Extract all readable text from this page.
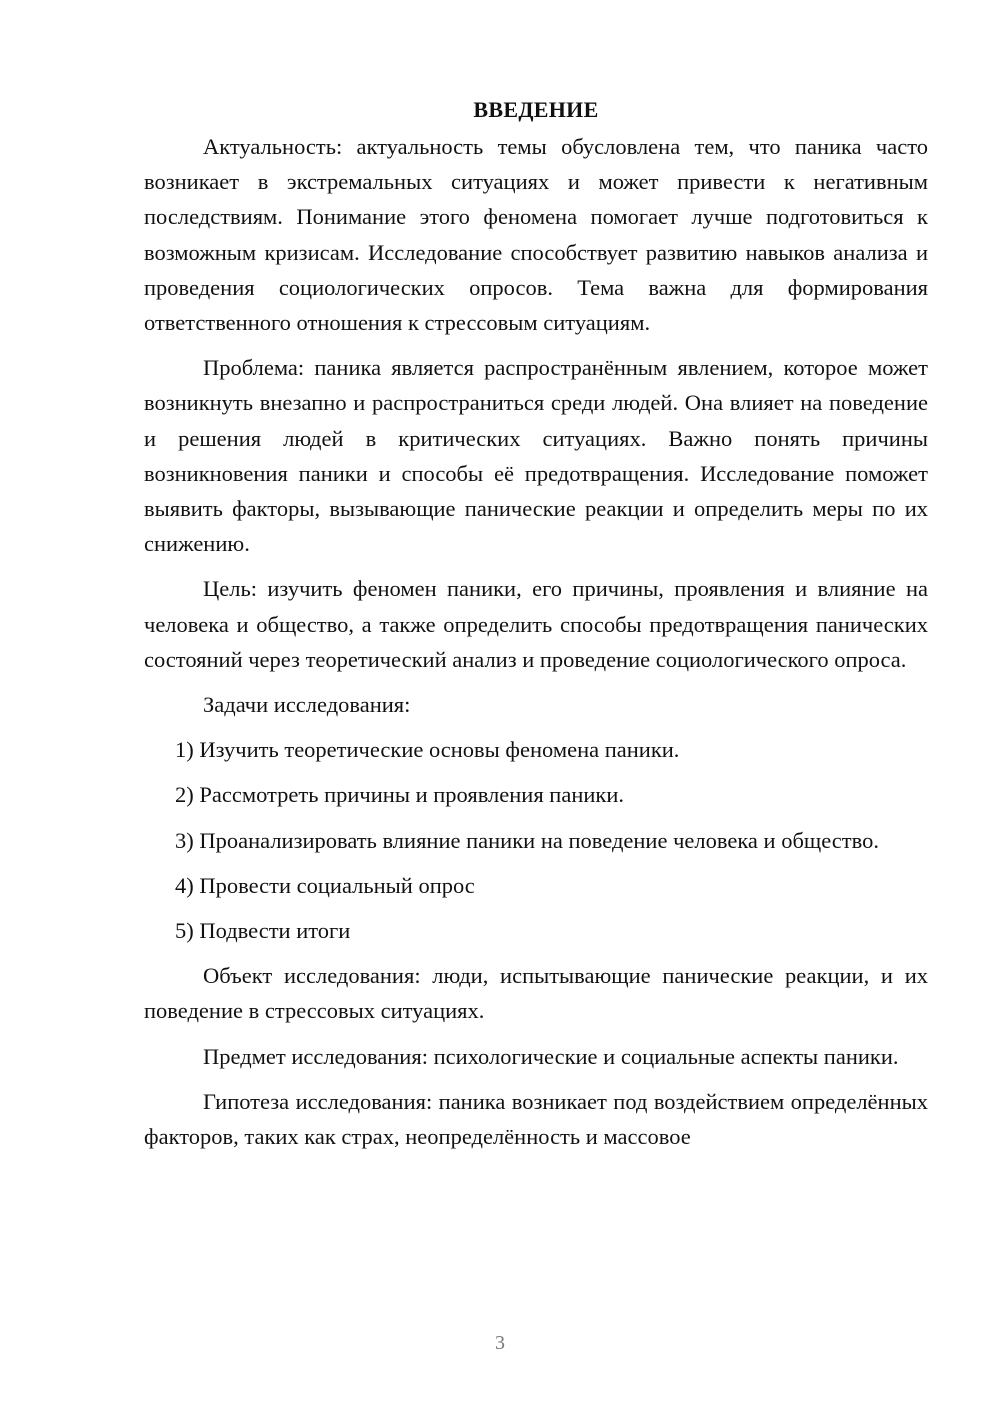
ВВЕДЕНИЕ

Актуальность: актуальность темы обусловлена тем, что паника часто возникает в экстремальных ситуациях и может привести к негативным последствиям. Понимание этого феномена помогает лучше подготовиться к возможным кризисам. Исследование способствует развитию навыков анализа и проведения социологических опросов. Тема важна для формирования ответственного отношения к стрессовым ситуациям.

Проблема: паника является распространённым явлением, которое может возникнуть внезапно и распространиться среди людей. Она влияет на поведение и решения людей в критических ситуациях. Важно понять причины возникновения паники и способы её предотвращения. Исследование поможет выявить факторы, вызывающие панические реакции и определить меры по их снижению.

Цель: изучить феномен паники, его причины, проявления и влияние на человека и общество, а также определить способы предотвращения панических состояний через теоретический анализ и проведение социологического опроса.

Задачи исследования:

1) Изучить теоретические основы феномена паники.

2) Рассмотреть причины и проявления паники.

3) Проанализировать влияние паники на поведение человека и общество.

4) Провести социальный опрос

5) Подвести итоги

Объект исследования: люди, испытывающие панические реакции, и их поведение в стрессовых ситуациях.

Предмет исследования: психологические и социальные аспекты паники.

Гипотеза исследования: паника возникает под воздействием определённых факторов, таких как страх, неопределённость и массовое

3
